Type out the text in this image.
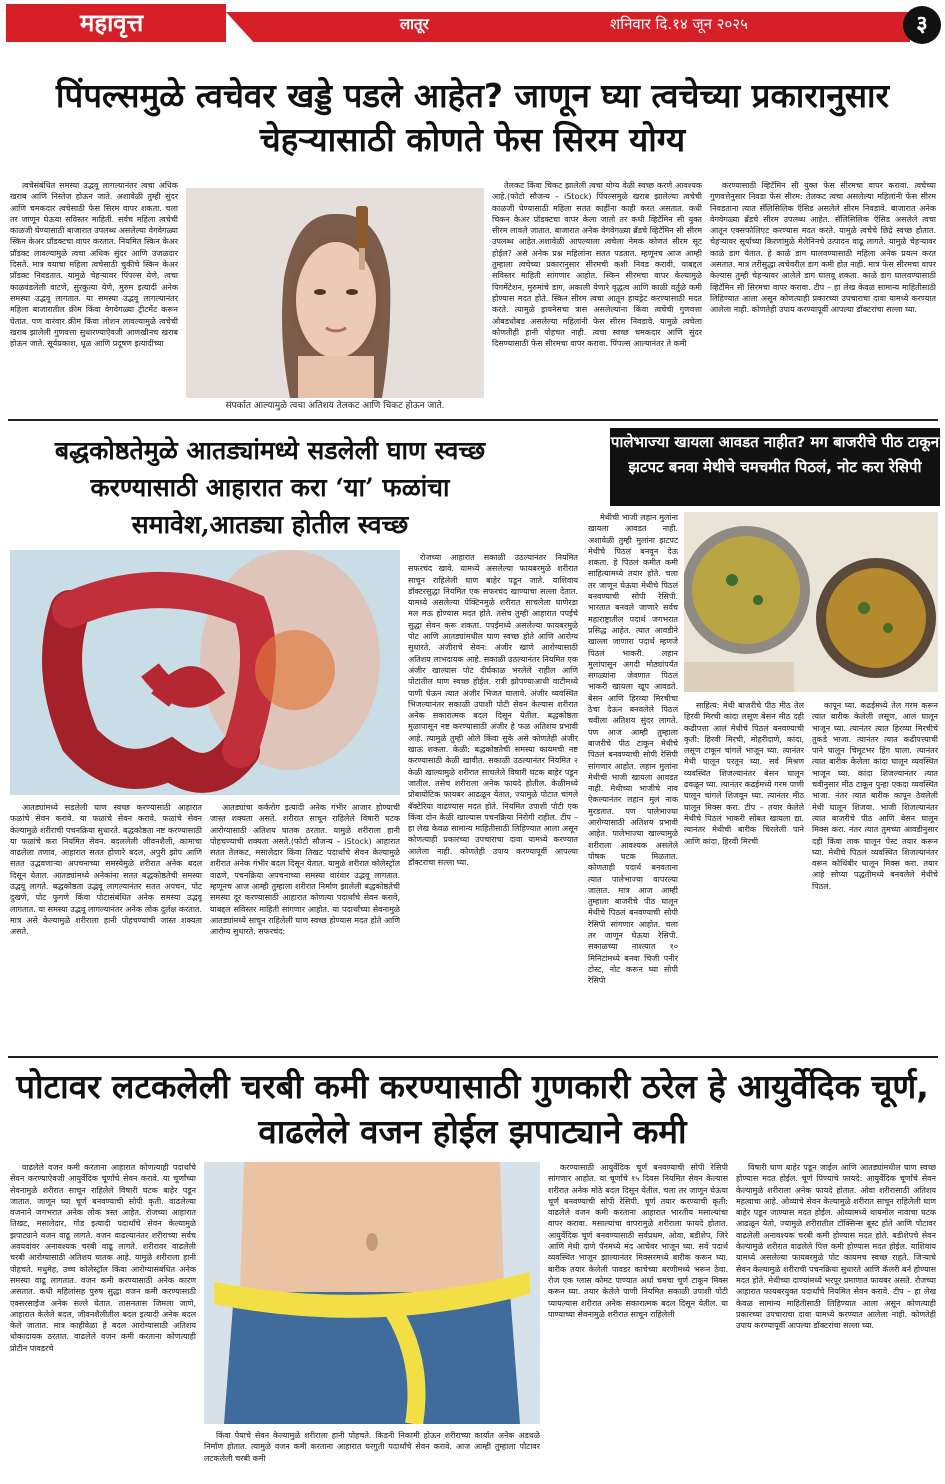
महावृत्त	लातूर	शनिवार दि.१४ जून २०२५	३
पिंपल्समुळे त्वचेवर खड्डे पडले आहेत? जाणून घ्या त्वचेच्या प्रकारानुसार चेहऱ्यासाठी कोणते फेस सिरम योग्य

त्वचेसंबंधित समस्या उद्भवू लागल्यानंतर त्वचा अधिक खराब आणि निस्तेज होऊन जाते. अशावेळी तुम्ही सुंदर आणि चमकदार त्वचेसाठी फेस सिरम वापर शकता. चला तर जाणून घेऊया सविस्तर माहिती. सर्वच महिला त्वचेची काळजी घेण्यासाठी बाजारात उपलब्ध असलेल्या वेगवेगळ्या स्किन केअर प्रॉडक्टचा वापर करतात. नियमित स्किन केअर प्रॉडक्ट लावल्यामुळे त्वचा अधिक सुंदर आणि उजळदार दिसते. मात्र वयाचा महिला त्वचेसाठी चुकीचे स्किन केअर प्रॉडक्ट निवडतात. यामुळे चेहऱ्यावर पिंपल्स येणे, त्वचा काळवंडलेली वाटणे, सुरकुत्या येणे, मुरुम इत्यादी अनेक समस्या उद्भवू लागतात. या समस्या उद्भवू लागल्यानंतर महिला बाजारातील क्रीम किंवा वेगवेगळ्या ट्रीटमेंट करून घेतात. पण वारंवार क्रीम किंवा लोशन लावल्यामुळे त्वचेची खराब झालेली गुणवत्ता सुधारण्याऐवजी आणखीनच खराब होऊन जाते. सूर्यप्रकाश, धूळ आणि प्रदूषण इत्यादींच्या

संपर्कात आल्यामुळे त्वचा अतिशय तेलकट आणि चिकट होऊन जाते.

तेलकट किंवा चिकट झालेली त्वचा योग्य वेळी स्वच्छ करणे आवश्यक आहे.(फोटो सौजन्य – iStock) पिंपल्समुळे खराब झालेल्या त्वचेची काळजी घेण्यासाठी महिला सतत काहींना काही करत असतात. कधी चिकन केअर प्रॉडक्टचा वापर केला जातो तर कधी व्हिटॅमिन सी युक्त सीरम लावले जातात. बाजारात अनेक वेगवेगळ्या ब्रँडचे व्हिटॅमिन सी सीरम उपलब्ध आहेत.अशावेळी आपल्याला त्वचेला नेमकं कोणतं सीरम सूट होईल? असे अनेक प्रश्न महिलांना सतत पडतात. म्हणूनच आज आम्ही तुम्हाला त्वचेच्या प्रकारानुसार सीरमची कशी निवड करावी, याबद्दल सविस्तर माहिती सांगणार आहोत. स्किन सीरमचा वापर केल्यामुळे पिगमेंटेशन, मुरुमांचे डाग, अकाली येणारे वृद्धत्व आणि काळी वर्तुळे कमी होण्यास मदत होते. स्किन सीरम त्वचा आतून हायड्रेट करण्यासाठी मदत करते. त्यामुळे ड्रायनेसचा त्रास असलेल्यांना किंवा त्वचेची गुणवत्ता ओबडधोबड असलेल्या महिलांनी फेस सीरम निवडावे. यामुळे त्वचेला कोणतीही हानी पोहचत नाही. त्वचा स्वच्छ चमकदार आणि सुंदर दिसण्यासाठी फेस सीरमचा वापर करावा. पिंपल्स आल्यानंतर ते कमी

करण्यासाठी व्हिटॅमिन सी युक्त फेस सीरमचा वापर करावा. त्वचेच्या गुणवत्तेनुसार निवडा फेस सीरम: तेलकट त्वचा असलेल्या महिलांनी फेस सीरम निवडताना त्यात सॅलिसिलिक ऍसिड असलेले सीरम निवडावे. बाजारात अनेक वेगवेगळ्या ब्रँडचे सीरम उपलब्ध आहेत. सॅलिसिलिक ऍसिड असलेले त्वचा आतून एक्सफोलिएट करण्यास मदत करते. यामुळे त्वचेचे छिद्रे स्वच्छ होतात. चेहऱ्यावर सूर्याच्या किरणांमुळे मेलेनिनचे उत्पादन वाढू लागते. यामुळे चेहऱ्यावर काळे डाग येतात. हे काळे डाग घालवण्यासाठी महिला अनेक प्रयत्न करत असतात. मात्र तरीसुद्धा त्वचेवरील डाग कमी होत नाही. मात्र फेस सीरमचा वापर केल्यास तुम्ही चेहऱ्यावर आलेले डाग घालवू शकता. काळे डाग घालवण्यासाठी व्हिटॅमिन सी सिरमचा वापर करावा. टीप – हा लेख केवळ सामान्य माहितीसाठी लिहिण्यात आला असून कोणत्याही प्रकारच्या उपचाराचा दावा यामध्ये करण्यात आलेला नाही. कोणतेही उपाय करण्यापूर्वी आपल्या डॉक्टरांचा सल्ला घ्या.

बद्धकोष्ठतेमुळे आतड्यांमध्ये सडलेली घाण स्वच्छ करण्यासाठी आहारात करा ‘या’ फळांचा समावेश,आतड्या होतील स्वच्छ

आतड्यांमध्ये सडलेली घाण स्वच्छ करण्यासाठी आहारात फळांचे सेवन करावे. या फळांचे सेवन करावे. फळांचे सेवन केल्यामुळे शरीराची पचनक्रिया सुधारते. बद्धकोष्ठता नष्ट करण्यासाठी या फळांचे करा नियमित सेवन. बदललेली जीवनशैली, कामाचा वाढलेला तणाव, आहारात सतत होणारे बदल, अपुरी झोप आणि सतत उद्भवणाऱ्या अपचनाच्या समस्येमुळे शरीरात अनेक बदल दिसून येतात. आतड्यांमध्ये अनेकांना सतत बद्धकोष्ठतेची समस्या उद्भवू लागते. बद्धकोष्ठता उद्भवू लागल्यानंतर सतत अपचन, पोट दुखणे, पोट फुगणे किंवा पोटासंबंधित अनेक समस्या उद्भवू लागतात. या समस्या उद्भवू लागल्यानंतर अनेक लोक दुर्लक्ष करतात. मात्र असे केल्यामुळे शरीराला हानी पोहचण्याची जास्त शक्यता असते.

आतड्यांचा कर्करोग इत्यादी अनेक गंभीर आजार होण्याची जास्त शक्यता असते. शरीरात साचून राहिलेले विषारी घटक आरोग्यासाठी अतिशय घातक ठरतात. यामुळे शरीराला हानी पोहचण्याची शक्यता असते.(फोटो सौजन्य – iStock) आहारात सतत तेलकट, मसालेदार किंवा तिखट पदार्थांचे सेवन केल्यामुळे शरीरात अनेक गंभीर बदल दिसून येतात. यामुळे शरीरात कोलेस्ट्रॉल वाढणे, पचनक्रिया अपचनाच्या समस्या वारंवार उद्भवू लागतात. म्हणूनच आज आम्ही तुम्हाला शरीरात निर्माण झालेली बद्धकोष्ठतेची समस्या दूर करण्यासाठी आहारात कोणत्या पदार्थांचे सेवन करावे, याबद्दल सविस्तर माहिती सांगणार आहोत. या पदार्थांच्या सेवनामुळे आतड्यांमध्ये साचून राहिलेली घाण स्वच्छ होण्यास मदत होते आणि आरोग्य सुधारते. सफरचंद:

रोजच्या आहारात सकाळी उठल्यानंतर नियमित सफरचंद खावे. यामध्ये असलेल्या फायबरमुळे शरीरात साचून राहिलेली घाण बाहेर पडून जाते. याशिवाय डॉक्टरसुद्धा नियमित एक सफरचंद खाण्याचा सल्ला देतात. यामध्ये असलेल्या पेक्टिनमुळे शरीरात साचलेला घाणेरडा मल मऊ होण्यास मदत होते. तसेच तुम्ही आहारात पपईचे सुद्धा सेवन करू शकता. पपईमध्ये असलेल्या फायबरमुळे पोट आणि आतड्यांमधील घाण स्वच्छ होते आणि आरोग्य सुधारते. अंजीराचे सेवन: अंजीर खाणे आरोग्यासाठी अतिशय लाभदायक आहे. सकाळी उठल्यानंतर नियमित एक अंजीर खाल्यास पोट दीर्घकाळ भरलेले राहील आणि पोटातील घाण स्वच्छ होईल. रात्री झोपण्याआधी वाटीमध्ये पाणी घेऊन त्यात अंजीर भिजत घालावे. अंजीर व्यवस्थित भिजल्यानंतर सकाळी उपाशी पोटी सेवन केल्यास शरीरात अनेक सकारात्मक बदल दिसून येतील. बद्धकोष्ठता मुळापासून नष्ट करण्यासाठी अंजीर हे फळ अतिशय प्रभावी आहे. त्यामुळे तुम्ही ओले किंवा सुके असे कोणतेही अंजीर खाऊ शकता. केळी: बद्धकोष्ठतेची समस्या कायमची नष्ट करण्यासाठी केळी खावीत. सकाळी उठल्यानंतर नियमित २ केळी खाल्यामुळे शरीरात साचलेले विषारी घटक बाहेर पडून जातील. तसेच शरीराला अनेक फायदे होतील. केळीमध्ये प्रोबायोटिक फायबर आढळून येतात, ज्यामुळे पोटात चांगले बॅक्टेरिया वाढण्यास मदत होते. नियमित उपाशी पोटी एक किंवा दोन केळी खाल्यास पचनक्रिया निरोगी राहील. टीप – हा लेख केवळ सामान्य माहितीसाठी लिहिण्यात आला असून कोणत्याही प्रकारच्या उपचाराचा दावा यामध्ये करण्यात आलेला नाही. कोणतेही उपाय करण्यापूर्वी आपल्या डॉक्टरांचा सल्ला घ्या.

पालेभाज्या खायला आवडत नाहीत? मग बाजरीचे पीठ टाकून झटपट बनवा मेथीचे चमचमीत पिठलं, नोट करा रेसिपी

मेथीची भाजी लहान मुलांना खायला आवडत नाही. अशावेळी तुम्ही मुलांना झटपट मेथीचे पिठलं बनवून देऊ शकता. हे पिठलं कमीत कमी साहित्यामध्ये तयार होते. चला तर जाणून घेऊया मेथीचे पिठलं बनवण्याची सोपी रेसिपी. भारतात बनवले जाणारे सर्वच महाराष्ट्रातील पदार्थ जगभरात प्रसिद्ध आहेत. त्यात आवडीने खाल्ला जाणारा पदार्थ म्हणजे पिठलं भाकरी. लहान मुलांपासून अगदी मोठ्यांपर्यंत सगळ्यांना जेवणात पिठलं भाकरी खायला खूप आवडते. बेसन आणि हिरव्या मिरचीचा ठेचा देऊन बनवलेले पिठलं चवीला अतिशय सुंदर लागते. पण आज आम्ही तुम्हाला बाजरीचे पीठ टाकून मेथीचे पिठलं बनवण्याची सोपी रेसिपी सांगणार आहोत. लहान मुलांना मेथीची भाजी खायला आवडत नाही. मेथीच्या भाजीचे नाव ऐकल्यानंतर लहान मुलं नाक मुरडतात. पण पालेभाज्या आरोग्यासाठी अतिशय प्रभावी आहेत. पालेभाज्या खाल्यामुळे शरीराला आवश्यक असलेले पोषक घटक मिळतात. कोणताही पदार्थ बनवताना त्यात पालेभाज्या वापरल्या जातात. मात्र आज आम्ही तुम्हाला बाजरीचे पीठ घालून मेथीचे पिठलं बनवण्याची सोपी रेसिपी सांगणार आहोत. चला तर जाणून घेऊया रेसिपी. सकाळच्या नाश्त्यात १० मिनिटांमध्ये बनवा चिजी पनीर टोस्ट, नोट करून घ्या सोपी रेसिपी

साहित्य: मेथी बाजरीचे पीठ मीठ तेल हिरवी मिरची कांदा लसूण बेसन मीठ दही कढीपत्ता आलं मेथीचे पिठलं बनवण्याची कृती: हिरवी मिरची, मोहरीदाणे, कांदा, लसूण टाकून चांगले भाजून घ्या. त्यानंतर मेथी घालून परतून घ्या. सर्व मिश्रण व्यवस्थित शिजल्यानंतर बेसन घालून ढवळून घ्या. त्यानंतर कढईमध्ये गरम पाणी घालून चांगले शिजवून घ्या. त्यानंतर मीठ घालून मिक्स करा. टीप – तयार केलेले मेथीचे पिठलं भाकरी सोबत खायला द्या. त्यानंतर मेथीची बारीक चिरलेली पाने आणि कांदा, हिरवी मिरची

कापून घ्या. कढईमध्ये तेल गरम करून त्यात बारीक केलेली लसूण, आलं घालून भाजून घ्या. त्यानंतर त्यात हिरव्या मिरचीचे तुकडे भाजा. त्यानंतर त्यात कढीपत्त्याची पाने घालून चिमूटभर हिंग घाला. त्यानंतर त्यात बारीक केलेला कांदा घालून व्यवस्थित भाजून घ्या. कांदा शिजल्यानंतर त्यात चवीनुसार मीठ टाकून पुन्हा एकदा व्यवस्थित भाजा. नंतर त्यात बारीक कापून ठेवलेली मेथी घालून शिजवा. भाजी शिजल्यानंतर त्यात बाजरीचे पीठ आणि बेसन घालून मिक्स करा. नंतर त्यात तुमच्या आवडीनुसार दही किंवा ताक घालून पेस्ट तयार करून घ्या. मेथीचे पिठलं व्यवस्थित शिजल्यानंतर वरून कोथिंबीर घालून मिक्स करा. तयार आहे सोप्या पद्धतीमध्ये बनवलेले मेथीचे पिठलं.

पोटावर लटकलेली चरबी कमी करण्यासाठी गुणकारी ठरेल हे आयुर्वेदिक चूर्ण, वाढलेले वजन होईल झपाट्याने कमी

वाढलेले वजन कमी करताना आहारात कोणत्याही पदार्थांचे सेवन करण्याऐवजी आयुर्वेदिक चूर्णांचे सेवन करावे. या चूर्णांच्या सेवनामुळे शरीरात साचून राहिलेले विषारी घटक बाहेर पडून जातात. जाणून घ्या चूर्ण बनवण्याची सोपी कृती. वाढलेल्या वजनाने जगभरात अनेक लोक त्रस्त आहेत. रोजच्या आहारात तिखट, मसालेदार, गोड इत्यादी पदार्थांचे सेवन केल्यामुळे झपाट्याने वजन वाढू लागते. वजन वाढल्यानंतर शरीराच्या सर्वच अवयवांवर अनावश्यक चरबी वाढू लागते. शरीरावर वाढलेली चरबी आरोग्यासाठी अतिशय घातक आहे. यामुळे शरीराला हानी पोहचते. मधुमेह, उच्च कोलेस्ट्रॉल किंवा आरोग्यासंबंधित अनेक समस्या वाढू लागतात. वजन कमी करण्यासाठी अनेक कारण असतात. कधी महिलांसह पुरुष सुद्धा वजन कमी करण्यासाठी एक्सरसाईज अनेक सल्ले घेतात. तासनतास जिमला जाणे, आहारात केलेले बदल, जीवनशैलीतील बदल इत्यादी अनेक बदल केले जातात. मात्र काहीवेळा हे बदल आरोग्यासाठी अतिशय धोकादायक ठरतात. वाढलेले वजन कमी करताना कोणत्याही प्रोटीन पावडरचे

किंवा पेयाचे सेवन केल्यामुळे शरीराला हानी पोहचते. किडनी निकामी होऊन शरीराच्या कार्यात अनेक अडथळे निर्माण होतात. त्यामुळे वजन कमी करताना आहारात घरगुती पदार्थांचे सेवन करावे. आज आम्ही तुम्हाला पोटावर लटकलेली चरबी कमी

करण्यासाठी आयुर्वेदिक चूर्ण बनवण्याची सोपी रेसिपी सांगणार आहोत. या चूर्णांचे १५ दिवस नियमित सेवन केल्यास शरीरात अनेक मोठे बदल दिसून येतील. चला तर जाणून घेऊया चूर्ण बनवण्याची सोपी रेसिपी. चूर्ण तयार करण्याची कृती: वाढलेले वजन कमी करताना आहारात भारतीय मसाल्यांचा वापर करावा. मसाल्यांचा वापरामुळे शरीराला फायदे होतात. आयुर्वेदिक चूर्ण बनवण्यासाठी सर्वप्रथम, ओवा, बडीशेप, जिरे आणि मेथी दाणे पॅनमध्ये मंद आचेवर भाजून घ्या. सर्व पदार्थ व्यवस्थित भाजून झाल्यानंतर मिक्सरमध्ये बारीक करून घ्या. बारीक तयार केलेली पावडर काचेच्या बरणीमध्ये भरून ठेवा. रोज एक ग्लास कोमट पाण्यात अर्धा चमचा चूर्ण टाकून मिक्स करून घ्या. तयार केलेले पाणी नियमित सकाळी उपाशी पोटी प्यायल्यास शरीरात अनेक सकारात्मक बदल दिसून येतील. या पाण्याच्या सेवनामुळे शरीरात साचून राहिलेली

विषारी घाण बाहेर पडून जाईल आणि आतड्यांमधील घाण स्वच्छ होण्यास मदत होईल. चूर्ण पिण्याचे फायदे: आयुर्वेदिक चूर्णांचे सेवन केल्यामुळे शरीराला अनेक फायदे होतात. ओवा शरीरासाठी अतिशय महत्वाचा आहे. ओव्याचे सेवन केल्यामुळे शरीरात साचून राहिलेली घाण बाहेर पडून जाण्यास मदत होईल. ओव्यामध्ये थायमोल नावाचा घटक आढळून येतो, ज्यामुळे शरीरातील टॉक्सिन्स बूस्ट होते आणि पोटावर वाढलेली अनावश्यक चरबी कमी होण्यास मदत होते. बडीशेपचे सेवन केल्यामुळे शरीरात वाढलेले पित्त कमी होण्यास मदत होईल. याशिवाय यामध्ये असलेल्या फायबरमुळे पोट कायमच स्वच्छ राहते. जिऱ्याचे सेवन केल्यामुळे शरीराची पचनक्रिया सुधारते आणि कॅलरी बर्न होण्यास मदत होते. मेथीच्या दाण्यांमध्ये भरपूर प्रमाणात फायबर असते. रोजच्या आहारात फायबरयुक्त पदार्थांचे नियमित सेवन करावे. टीप – हा लेख केवळ सामान्य माहितीसाठी लिहिण्यात आला असून कोणत्याही प्रकारच्या उपचाराचा दावा यामध्ये करण्यात आलेला नाही. कोणतेही उपाय करण्यापूर्वी आपल्या डॉक्टरांचा सल्ला घ्या.
